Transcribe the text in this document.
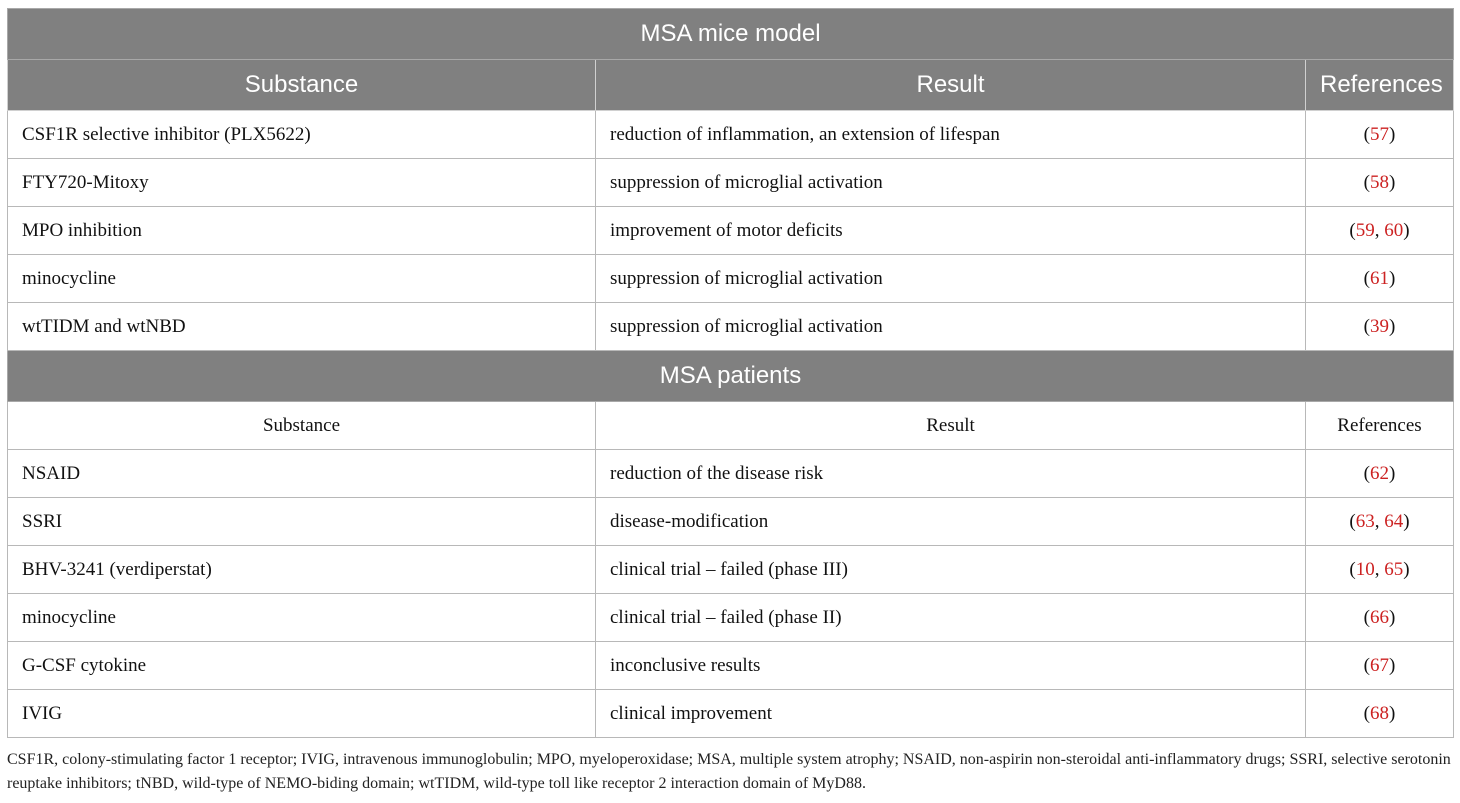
MSA mice model		
Substance	Result	References
CSF1R selective inhibitor (PLX5622)	reduction of inflammation, an extension of lifespan	(57)
FTY720-Mitoxy	suppression of microglial activation	(58)
MPO inhibition	improvement of motor deficits	(59, 60)
minocycline	suppression of microglial activation	(61)
wtTIDM and wtNBD	suppression of microglial activation	(39)
MSA patients		
Substance	Result	References
NSAID	reduction of the disease risk	(62)
SSRI	disease-modification	(63, 64)
BHV-3241 (verdiperstat)	clinical trial – failed (phase III)	(10, 65)
minocycline	clinical trial – failed (phase II)	(66)
G-CSF cytokine	inconclusive results	(67)
IVIG	clinical improvement	(68)
CSF1R, colony-stimulating factor 1 receptor; IVIG, intravenous immunoglobulin; MPO, myeloperoxidase; MSA, multiple system atrophy; NSAID, non-aspirin non-steroidal anti-inflammatory drugs; SSRI, selective serotonin reuptake inhibitors; tNBD, wild-type of NEMO-biding domain; wtTIDM, wild-type toll like receptor 2 interaction domain of MyD88.
